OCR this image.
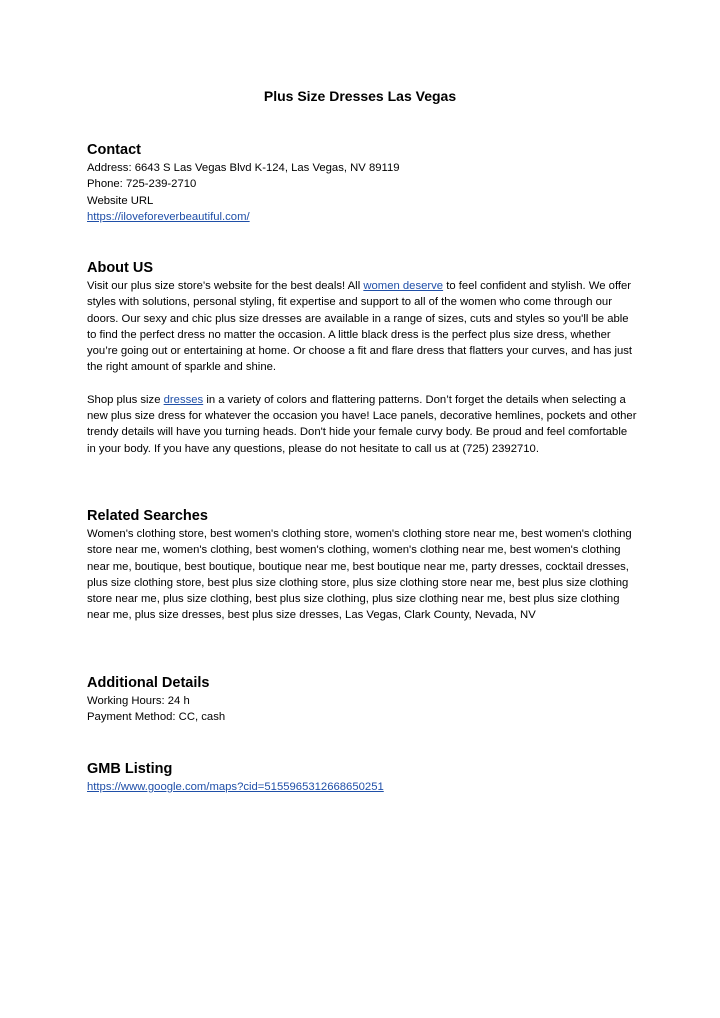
Plus Size Dresses Las Vegas
Contact
Address: 6643 S Las Vegas Blvd K-124, Las Vegas, NV 89119
Phone: 725-239-2710
Website URL
https://iloveforeverbeautiful.com/
About US

Visit our plus size store's website for the best deals! All women deserve to feel confident and stylish. We offer styles with solutions, personal styling, fit expertise and support to all of the women who come through our doors. Our sexy and chic plus size dresses are available in a range of sizes, cuts and styles so you'll be able to find the perfect dress no matter the occasion. A little black dress is the perfect plus size dress, whether you’re going out or entertaining at home. Or choose a fit and flare dress that flatters your curves, and has just the right amount of sparkle and shine.

Shop plus size dresses in a variety of colors and flattering patterns. Don’t forget the details when selecting a new plus size dress for whatever the occasion you have! Lace panels, decorative hemlines, pockets and other trendy details will have you turning heads. Don't hide your female curvy body. Be proud and feel comfortable in your body. If you have any questions, please do not hesitate to call us at (725) 2392710.

Related Searches

Women's clothing store, best women's clothing store, women's clothing store near me, best women's clothing store near me, women's clothing, best women's clothing, women's clothing near me, best women's clothing near me, boutique, best boutique, boutique near me, best boutique near me, party dresses, cocktail dresses, plus size clothing store, best plus size clothing store, plus size clothing store near me, best plus size clothing store near me, plus size clothing, best plus size clothing, plus size clothing near me, best plus size clothing near me, plus size dresses, best plus size dresses, Las Vegas, Clark County, Nevada, NV

Additional Details
Working Hours: 24 h
Payment Method: CC, cash
GMB Listing
https://www.google.com/maps?cid=5155965312668650251
